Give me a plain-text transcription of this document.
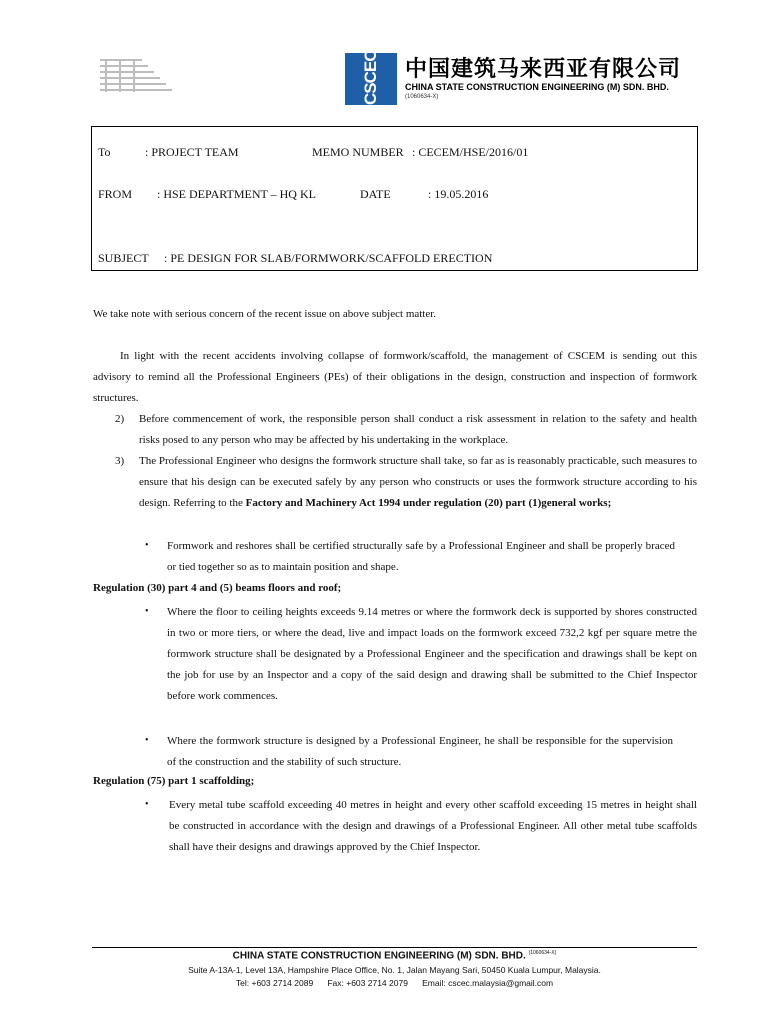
CSCEC	中国建筑马来西亚有限公司
CHINA STATE CONSTRUCTION ENGINEERING (M) SDN. BHD.
(1060634-X)
To	: PROJECT TEAM	MEMO NUMBER : CECEM/HSE/2016/01
FROM : HSE DEPARTMENT – HQ KL	DATE	: 19.05.2016
SUBJECT : PE DESIGN FOR SLAB/FORMWORK/SCAFFOLD ERECTION
We take note with serious concern of the recent issue on above subject matter.
In light with the recent accidents involving collapse of formwork/scaffold, the management of CSCEM is sending out this advisory to remind all the Professional Engineers (PEs) of their obligations in the design, construction and inspection of formwork structures.
2) Before commencement of work, the responsible person shall conduct a risk assessment in relation to the safety and health risks posed to any person who may be affected by his undertaking in the workplace.
3) The Professional Engineer who designs the formwork structure shall take, so far as is reasonably practicable, such measures to ensure that his design can be executed safely by any person who constructs or uses the formwork structure according to his design. Referring to the Factory and Machinery Act 1994 under regulation (20) part (1)general works;
• Formwork and reshores shall be certified structurally safe by a Professional Engineer and shall be properly braced or tied together so as to maintain position and shape.
Regulation (30) part 4 and (5) beams floors and roof;
• Where the floor to ceiling heights exceeds 9.14 metres or where the formwork deck is supported by shores constructed in two or more tiers, or where the dead, live and impact loads on the formwork exceed 732,2 kgf per square metre the formwork structure shall be designated by a Professional Engineer and the specification and drawings shall be kept on the job for use by an Inspector and a copy of the said design and drawing shall be submitted to the Chief Inspector before work commences.
• Where the formwork structure is designed by a Professional Engineer, he shall be responsible for the supervision of the construction and the stability of such structure.
Regulation (75) part 1 scaffolding;
• Every metal tube scaffold exceeding 40 metres in height and every other scaffold exceeding 15 metres in height shall be constructed in accordance with the design and drawings of a Professional Engineer. All other metal tube scaffolds shall have their designs and drawings approved by the Chief Inspector.
CHINA STATE CONSTRUCTION ENGINEERING (M) SDN. BHD. $^{(1060634-X)}$
Suite A-13A-1, Level 13A, Hampshire Place Office, No. 1, Jalan Mayang Sari, 50450 Kuala Lumpur, Malaysia.
Tel: +603 2714 2089      Fax: +603 2714 2079      Email: cscec.malaysia@gmail.com
